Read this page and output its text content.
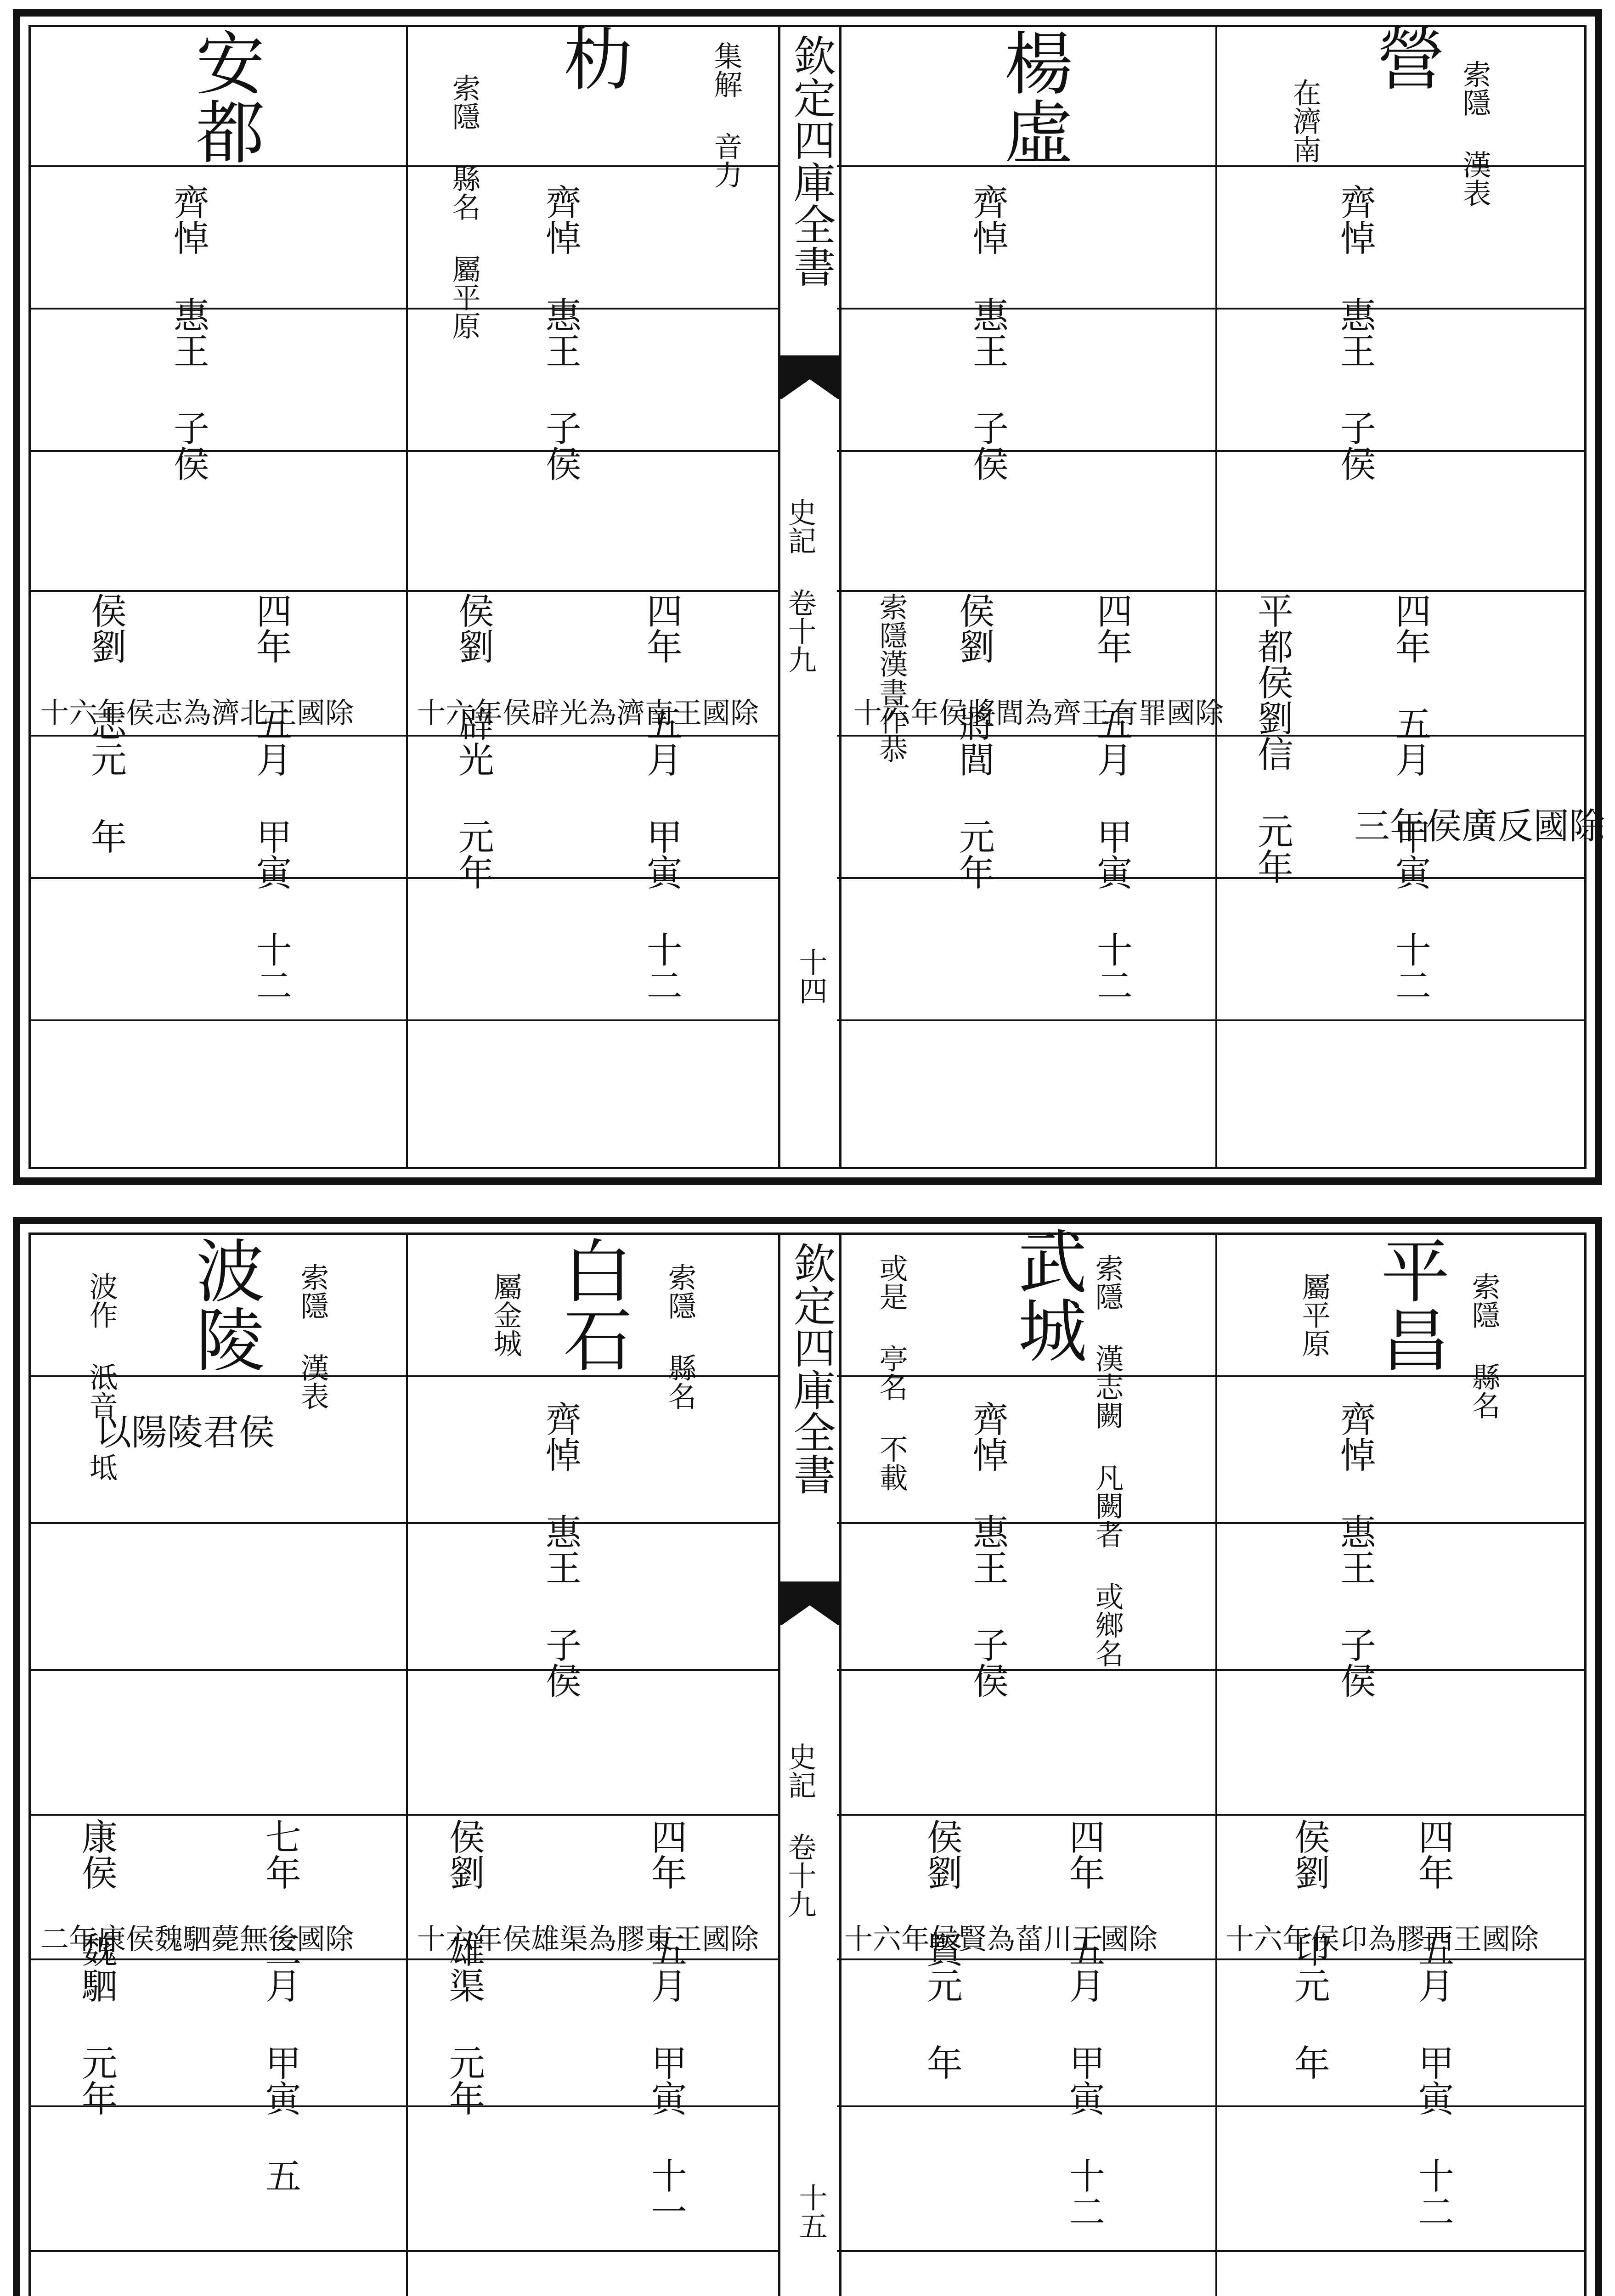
欽定四庫全書
史記 卷十九
十四
營
索隱 漢表
在濟南
齊悼 惠王 子侯
四年 五月 甲寅 十二
平都侯劉信 元年 三年侯廣反國除
楊虛
齊悼 惠王 子侯
四年 五月 甲寅 十二
侯劉 將閭 元年
索隱漢書作恭
十六年侯將閭為齊王有罪國除
朸	集解 音力
索隱 縣名 屬平原 齊悼 惠王 子侯
四年 五月 甲寅 十二
侯劉 辟光 元年
十六年侯辟光為濟南王國除
安都
齊悼 惠王 子侯
四年 五月 甲寅 十二
侯劉 志元 年
十六年侯志為濟北王國除
欽定四庫全書
史記 卷十九
十五
平昌 索隱 縣名
屬平原
齊悼 惠王 子侯
四年 五月 甲寅 十二
侯劉 卬元 年
十六年侯卬為膠西王國除
武城 索隱 漢志闕 凡闕者 或鄉名
或是 亭名 不載
齊悼 惠王 子侯
四年 五月 甲寅 十二
侯劉 賢元 年
十六年侯賢為菑川王國除
白石 索隱 縣名
屬金城
齊悼 惠王 子侯
四年 五月 甲寅 十一
侯劉 雄渠 元年
十六年侯雄渠為膠東王國除
波陵 索隱 漢表
波作 泜音 坻
以陽陵君侯
七年 三月 甲寅 五
康侯 魏駟 元年
二年康侯魏駟薨無後國除
